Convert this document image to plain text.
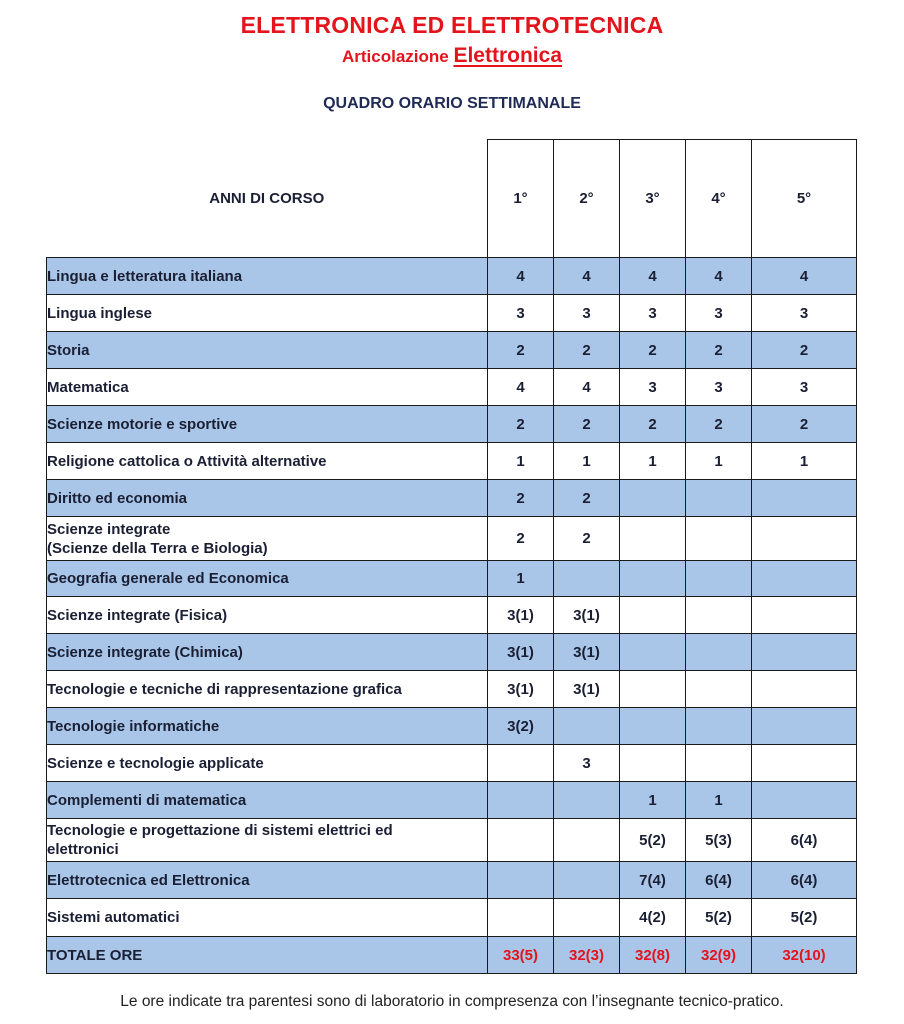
ELETTRONICA ED ELETTROTECNICA
Articolazione Elettronica
QUADRO ORARIO SETTIMANALE
ANNI DI CORSO	1°	2°	3°	4°	5°
Lingua e letteratura italiana	4	4	4	4	4
Lingua inglese	3	3	3	3	3
Storia	2	2	2	2	2
Matematica	4	4	3	3	3
Scienze motorie e sportive	2	2	2	2	2
Religione cattolica o Attività alternative	1	1	1	1	1
Diritto ed economia	2	2			
Scienze integrate
(Scienze della Terra e Biologia)	2	2			
Geografia generale ed Economica	1				
Scienze integrate (Fisica)	3(1)	3(1)			
Scienze integrate (Chimica)	3(1)	3(1)			
Tecnologie e tecniche di rappresentazione grafica	3(1)	3(1)			
Tecnologie informatiche	3(2)				
Scienze e tecnologie applicate		3			
Complementi di matematica			1	1	
Tecnologie e progettazione di sistemi elettrici ed
elettronici			5(2)	5(3)	6(4)
Elettrotecnica ed Elettronica			7(4)	6(4)	6(4)
Sistemi automatici			4(2)	5(2)	5(2)
TOTALE ORE	33(5)	32(3)	32(8)	32(9)	32(10)
Le ore indicate tra parentesi sono di laboratorio in compresenza con l’insegnante tecnico-pratico.
